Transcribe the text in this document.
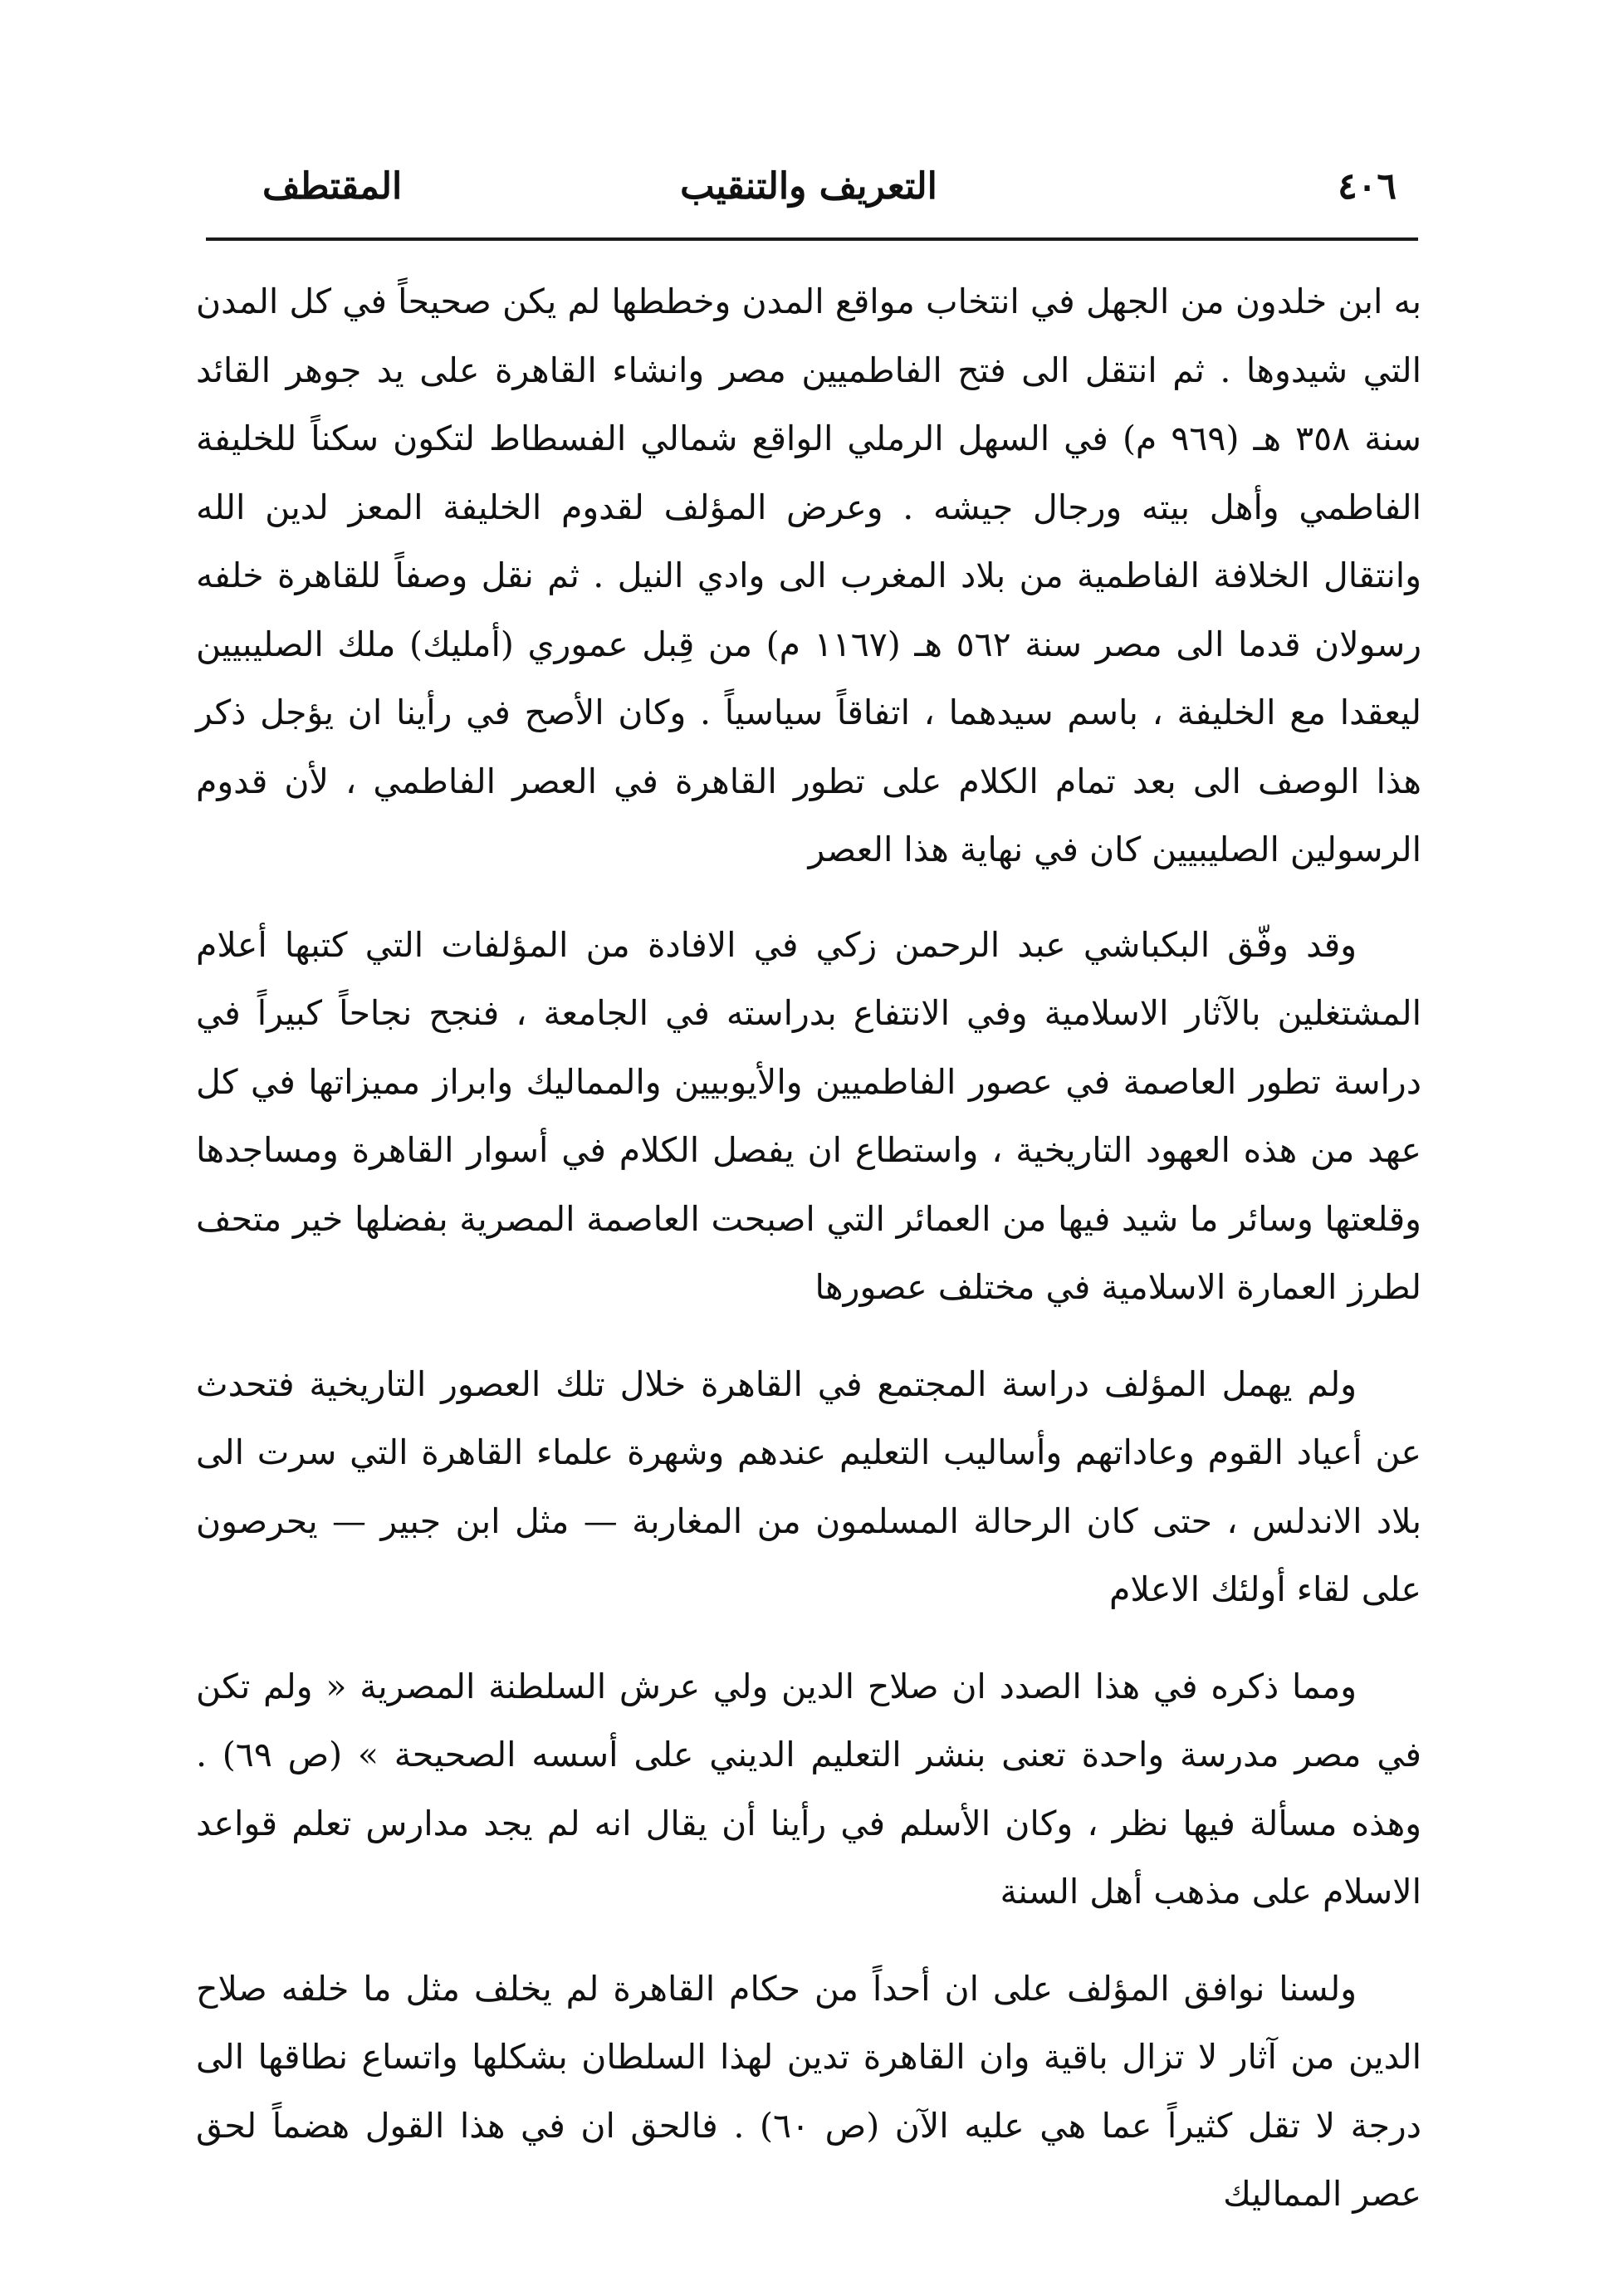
٤٠٦
التعريف والتنقيب
المقتطف

به ابن خلدون من الجهل في انتخاب مواقع المدن وخططها لم يكن صحيحاً في كل المدن التي شيدوها . ثم انتقل الى فتح الفاطميين مصر وانشاء القاهرة على يد جوهر القائد سنة ٣٥٨ هـ (٩٦٩ م) في السهل الرملي الواقع شمالي الفسطاط لتكون سكناً للخليفة الفاطمي وأهل بيته ورجال جيشه . وعرض المؤلف لقدوم الخليفة المعز لدين الله وانتقال الخلافة الفاطمية من بلاد المغرب الى وادي النيل . ثم نقل وصفاً للقاهرة خلفه رسولان قدما الى مصر سنة ٥٦٢ هـ (١١٦٧ م) من قِبل عموري (أمليك) ملك الصليبيين ليعقدا مع الخليفة ، باسم سيدهما ، اتفاقاً سياسياً . وكان الأصح في رأينا ان يؤجل ذكر هذا الوصف الى بعد تمام الكلام على تطور القاهرة في العصر الفاطمي ، لأن قدوم الرسولين الصليبيين كان في نهاية هذا العصر

وقد وفّق البكباشي عبد الرحمن زكي في الافادة من المؤلفات التي كتبها أعلام المشتغلين بالآثار الاسلامية وفي الانتفاع بدراسته في الجامعة ، فنجح نجاحاً كبيراً في دراسة تطور العاصمة في عصور الفاطميين والأيوبيين والمماليك وابراز مميزاتها في كل عهد من هذه العهود التاريخية ، واستطاع ان يفصل الكلام في أسوار القاهرة ومساجدها وقلعتها وسائر ما شيد فيها من العمائر التي اصبحت العاصمة المصرية بفضلها خير متحف لطرز العمارة الاسلامية في مختلف عصورها

ولم يهمل المؤلف دراسة المجتمع في القاهرة خلال تلك العصور التاريخية فتحدث عن أعياد القوم وعاداتهم وأساليب التعليم عندهم وشهرة علماء القاهرة التي سرت الى بلاد الاندلس ، حتى كان الرحالة المسلمون من المغاربة — مثل ابن جبير — يحرصون على لقاء أولئك الاعلام

ومما ذكره في هذا الصدد ان صلاح الدين ولي عرش السلطنة المصرية « ولم تكن في مصر مدرسة واحدة تعنى بنشر التعليم الديني على أسسه الصحيحة » (ص ٦٩) . وهذه مسألة فيها نظر ، وكان الأسلم في رأينا أن يقال انه لم يجد مدارس تعلم قواعد الاسلام على مذهب أهل السنة

ولسنا نوافق المؤلف على ان أحداً من حكام القاهرة لم يخلف مثل ما خلفه صلاح الدين من آثار لا تزال باقية وان القاهرة تدين لهذا السلطان بشكلها واتساع نطاقها الى درجة لا تقل كثيراً عما هي عليه الآن (ص ٦٠) . فالحق ان في هذا القول هضماً لحق عصر المماليك
